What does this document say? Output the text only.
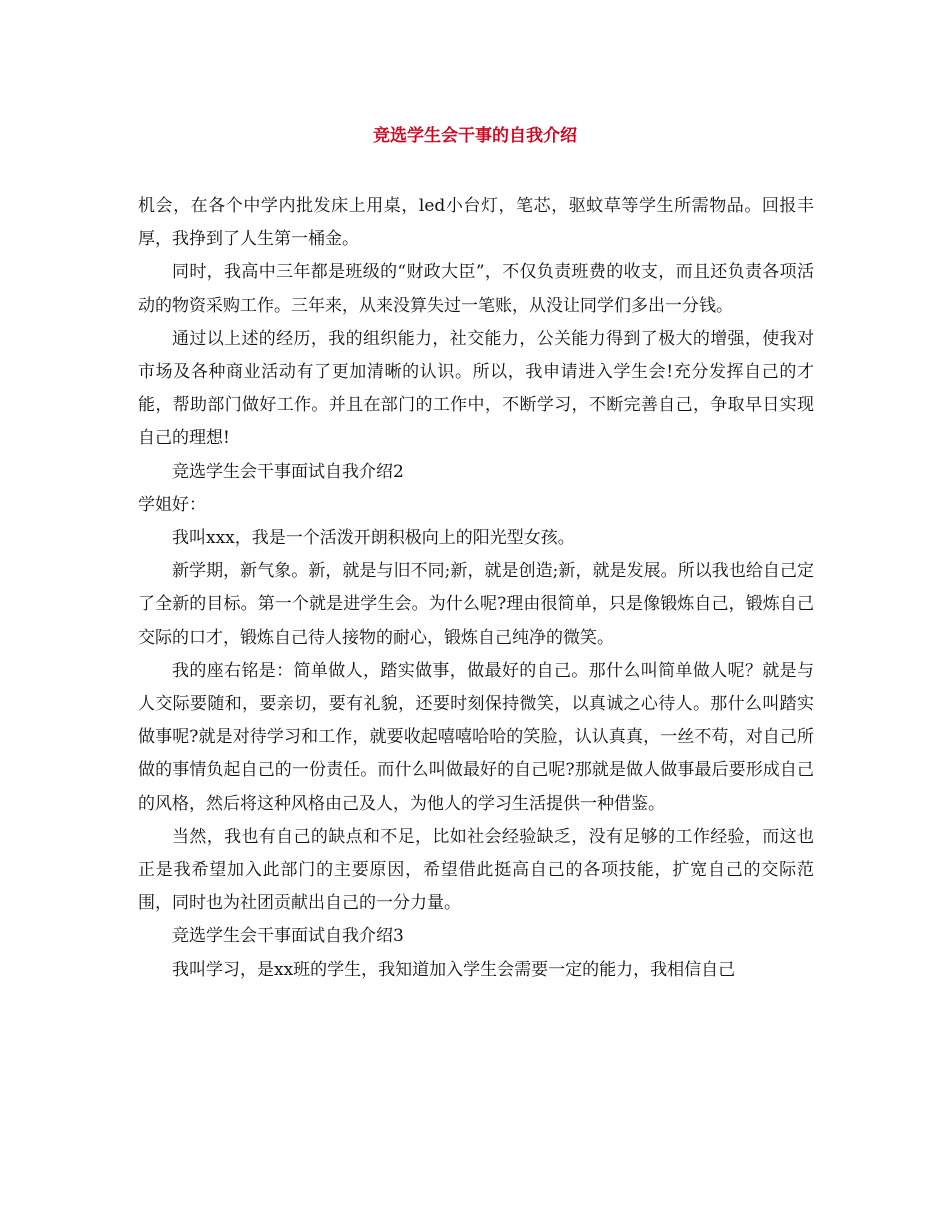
竞选学生会干事的自我介绍

机会，在各个中学内批发床上用桌，led小台灯，笔芯，驱蚊草等学生所需物品。回报丰厚，我挣到了人生第一桶金。

同时，我高中三年都是班级的“财政大臣”，不仅负责班费的收支，而且还负责各项活动的物资采购工作。三年来，从来没算失过一笔账，从没让同学们多出一分钱。

通过以上述的经历，我的组织能力，社交能力，公关能力得到了极大的增强，使我对市场及各种商业活动有了更加清晰的认识。所以，我申请进入学生会!充分发挥自己的才能，帮助部门做好工作。并且在部门的工作中，不断学习，不断完善自己，争取早日实现自己的理想!

竞选学生会干事面试自我介绍2

学姐好：

我叫xxx，我是一个活泼开朗积极向上的阳光型女孩。

新学期，新气象。新，就是与旧不同;新，就是创造;新，就是发展。所以我也给自己定了全新的目标。第一个就是进学生会。为什么呢?理由很简单，只是像锻炼自己，锻炼自己交际的口才，锻炼自己待人接物的耐心，锻炼自己纯净的微笑。

我的座右铭是：简单做人，踏实做事，做最好的自己。那什么叫简单做人呢？就是与人交际要随和，要亲切，要有礼貌，还要时刻保持微笑，以真诚之心待人。那什么叫踏实做事呢?就是对待学习和工作，就要收起嘻嘻哈哈的笑脸，认认真真，一丝不苟，对自己所做的事情负起自己的一份责任。而什么叫做最好的自己呢?那就是做人做事最后要形成自己的风格，然后将这种风格由己及人，为他人的学习生活提供一种借鉴。

当然，我也有自己的缺点和不足，比如社会经验缺乏，没有足够的工作经验，而这也正是我希望加入此部门的主要原因，希望借此挺高自己的各项技能，扩宽自己的交际范围，同时也为社团贡献出自己的一分力量。

竞选学生会干事面试自我介绍3

我叫学习，是xx班的学生，我知道加入学生会需要一定的能力，我相信自己
